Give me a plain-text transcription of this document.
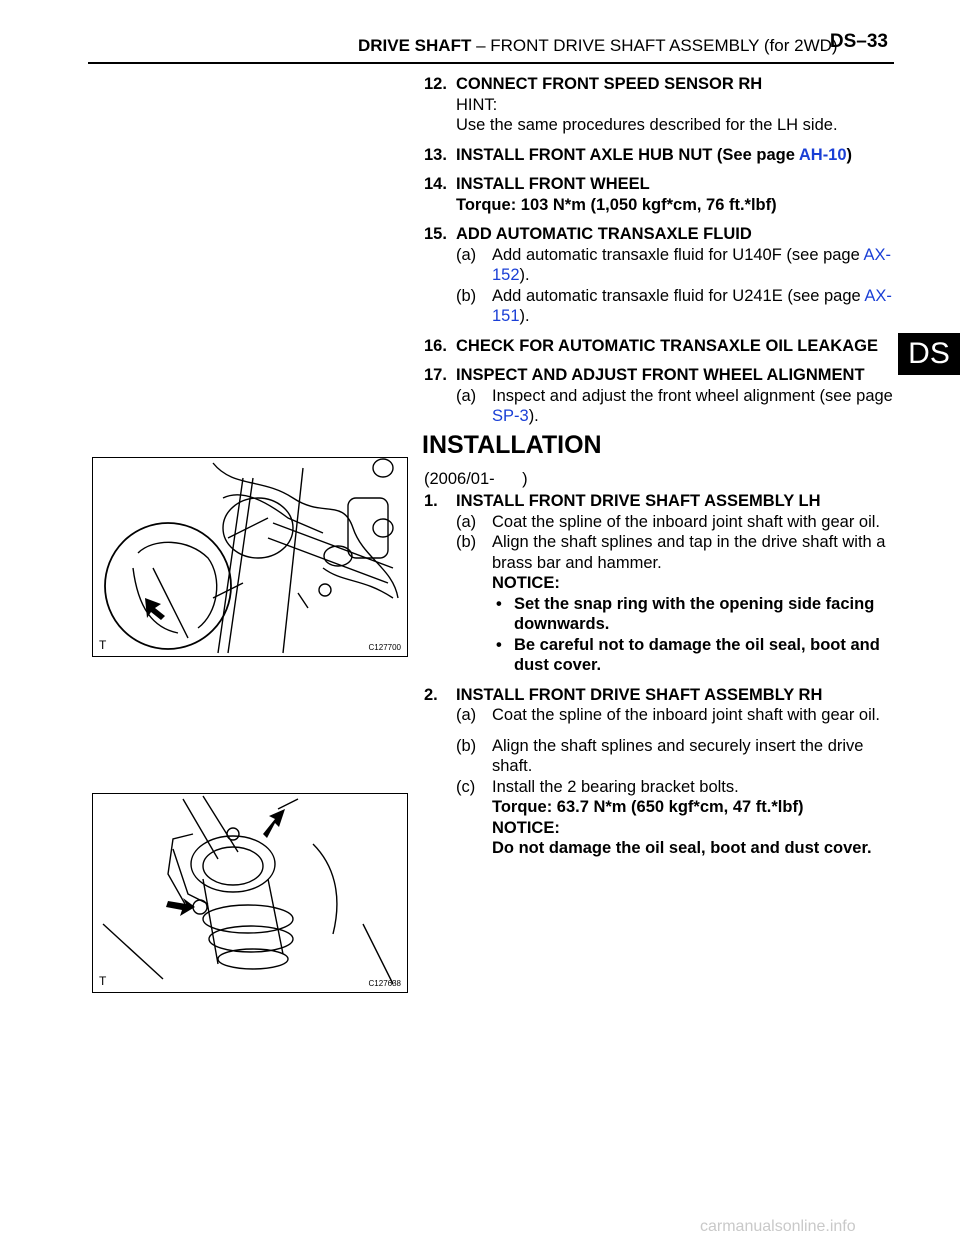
DRIVE SHAFT – FRONT DRIVE SHAFT ASSEMBLY (for 2WD)
DS–33
DS
12. CONNECT FRONT SPEED SENSOR RH
HINT:
Use the same procedures described for the LH side.
13. INSTALL FRONT AXLE HUB NUT (See page AH-10)
14. INSTALL FRONT WHEEL
Torque: 103 N*m (1,050 kgf*cm, 76 ft.*lbf)
15. ADD AUTOMATIC TRANSAXLE FLUID
(a) Add automatic transaxle fluid for U140F (see page AX-152).
(b) Add automatic transaxle fluid for U241E (see page AX-151).
16. CHECK FOR AUTOMATIC TRANSAXLE OIL LEAKAGE
17. INSPECT AND ADJUST FRONT WHEEL ALIGNMENT
(a) Inspect and adjust the front wheel alignment (see page SP-3).
INSTALLATION
(2006/01-      )
1. INSTALL FRONT DRIVE SHAFT ASSEMBLY LH
(a) Coat the spline of the inboard joint shaft with gear oil.
(b) Align the shaft splines and tap in the drive shaft with a brass bar and hammer.
NOTICE:
• Set the snap ring with the opening side facing downwards.
• Be careful not to damage the oil seal, boot and dust cover.
2. INSTALL FRONT DRIVE SHAFT ASSEMBLY RH
(a) Coat the spline of the inboard joint shaft with gear oil.
(b) Align the shaft splines and securely insert the drive shaft.
(c) Install the 2 bearing bracket bolts.
Torque: 63.7 N*m (650 kgf*cm, 47 ft.*lbf)
NOTICE:
Do not damage the oil seal, boot and dust cover.
T	C127700
T	C127638
carmanualsonline.info
